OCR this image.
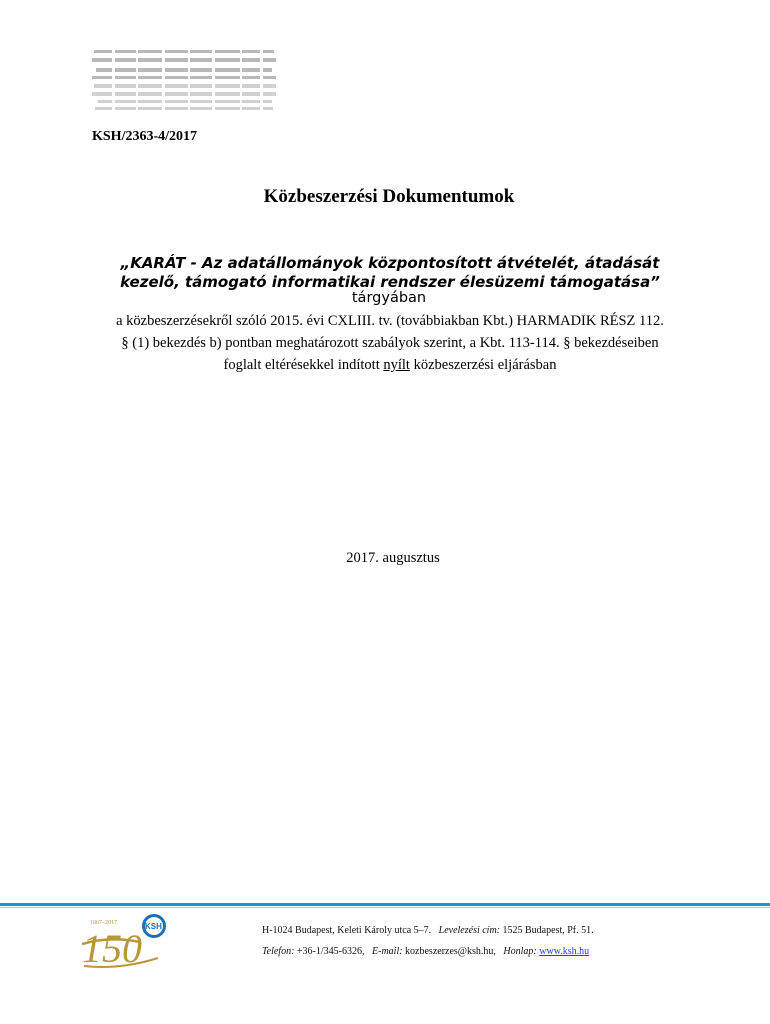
KSH/2363-4/2017
Közbeszerzési Dokumentumok
„KARÁT - Az adatállományok központosított átvételét, átadását
kezelő, támogató informatikai rendszer élesüzemi támogatása”
tárgyában
a közbeszerzésekről szóló 2015. évi CXLIII. tv. (továbbiakban Kbt.) HARMADIK RÉSZ 112.
§ (1) bekezdés b) pontban meghatározott szabályok szerint, a Kbt. 113-114. § bekezdéseiben
foglalt eltérésekkel indított nyílt közbeszerzési eljárásban
2017. augusztus
1867–2017
150 KSH	H-1024 Budapest, Keleti Károly utca 5–7. Levelezési cím: 1525 Budapest, Pf. 51.
Telefon: +36-1/345-6326, E-mail: kozbeszerzes@ksh.hu, Honlap: www.ksh.hu
